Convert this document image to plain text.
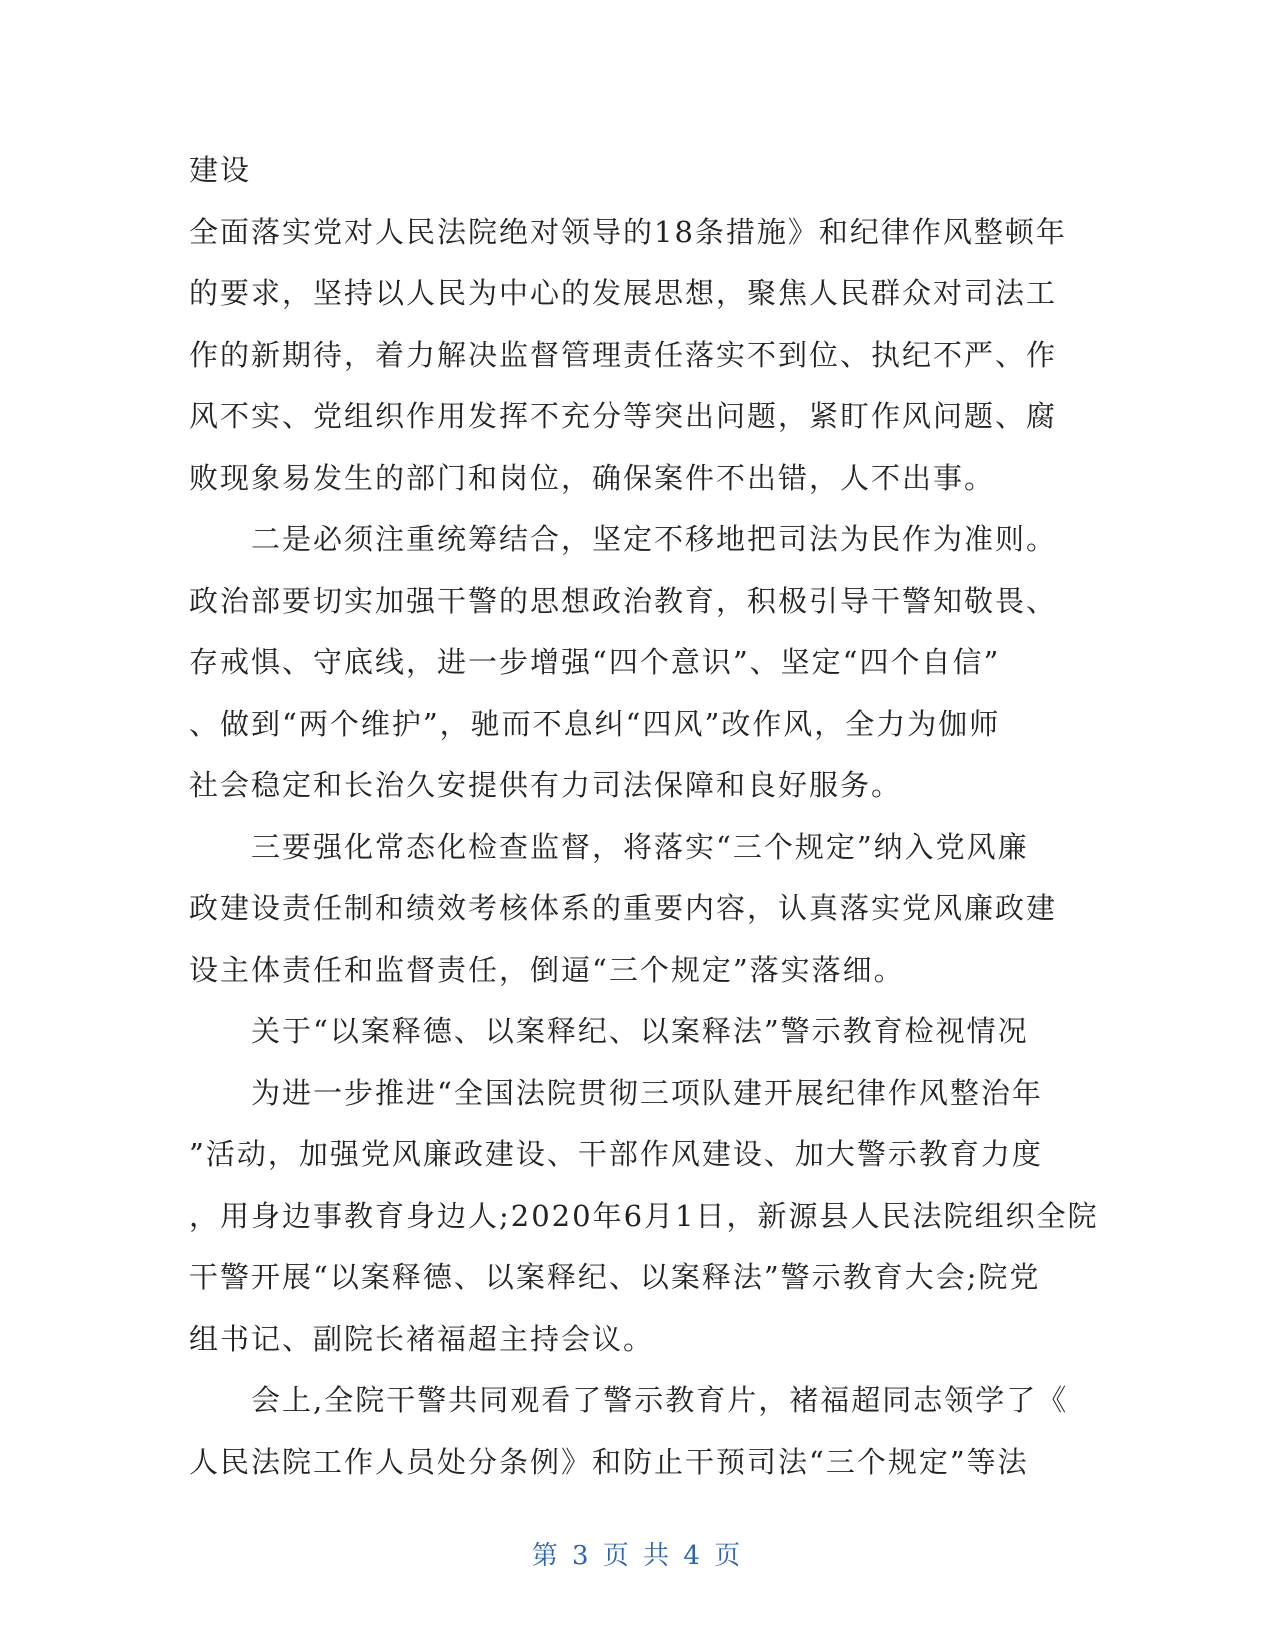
建设
全面落实党对人民法院绝对领导的18条措施》和纪律作风整顿年
的要求，坚持以人民为中心的发展思想，聚焦人民群众对司法工
作的新期待，着力解决监督管理责任落实不到位、执纪不严、作
风不实、党组织作用发挥不充分等突出问题，紧盯作风问题、腐
败现象易发生的部门和岗位，确保案件不出错，人不出事。
二是必须注重统筹结合，坚定不移地把司法为民作为准则。
政治部要切实加强干警的思想政治教育，积极引导干警知敬畏、
存戒惧、守底线，进一步增强“四个意识”、坚定“四个自信”
、做到“两个维护”，驰而不息纠“四风”改作风，全力为伽师
社会稳定和长治久安提供有力司法保障和良好服务。
三要强化常态化检查监督，将落实“三个规定”纳入党风廉
政建设责任制和绩效考核体系的重要内容，认真落实党风廉政建
设主体责任和监督责任，倒逼“三个规定”落实落细。
关于“以案释德、以案释纪、以案释法”警示教育检视情况
为进一步推进“全国法院贯彻三项队建开展纪律作风整治年
”活动，加强党风廉政建设、干部作风建设、加大警示教育力度
，用身边事教育身边人;2020年6月1日，新源县人民法院组织全院
干警开展“以案释德、以案释纪、以案释法”警示教育大会;院党
组书记、副院长褚福超主持会议。
会上,全院干警共同观看了警示教育片，褚福超同志领学了《
人民法院工作人员处分条例》和防止干预司法“三个规定”等法
第 3 页 共 4 页
